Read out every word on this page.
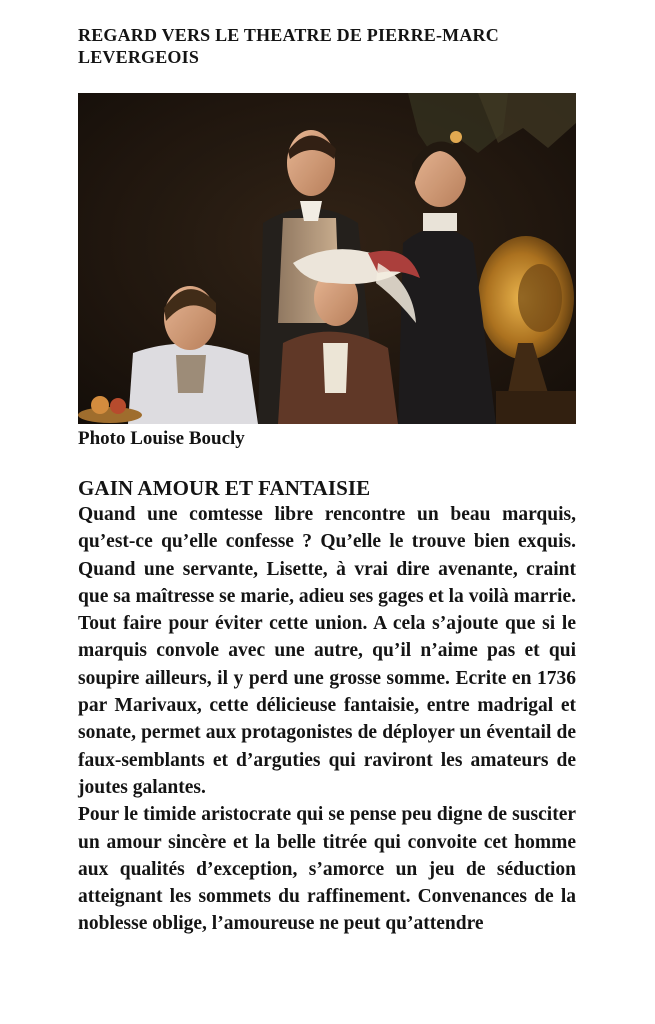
REGARD VERS LE THEATRE DE PIERRE-MARC LEVERGEOIS
Photo Louise Boucly
GAIN AMOUR ET FANTAISIE

Quand une comtesse libre rencontre un beau marquis, qu’est-ce qu’elle confesse ? Qu’elle le trouve bien exquis. Quand une servante, Lisette, à vrai dire avenante, craint que sa maîtresse se marie, adieu ses gages et la voilà marrie. Tout faire pour éviter cette union. A cela s’ajoute que si le marquis convole avec une autre, qu’il n’aime pas et qui soupire ailleurs, il y perd une grosse somme. Ecrite en 1736 par Marivaux, cette délicieuse fantaisie, entre madrigal et sonate, permet aux protagonistes de déployer un éventail de faux-semblants et d’arguties qui raviront les amateurs de joutes galantes.

Pour le timide aristocrate qui se pense peu digne de susciter un amour sincère et la belle titrée qui convoite cet homme aux qualités d’exception, s’amorce un jeu de séduction atteignant les sommets du raffinement. Convenances de la noblesse oblige, l’amoureuse ne peut qu’attendre
